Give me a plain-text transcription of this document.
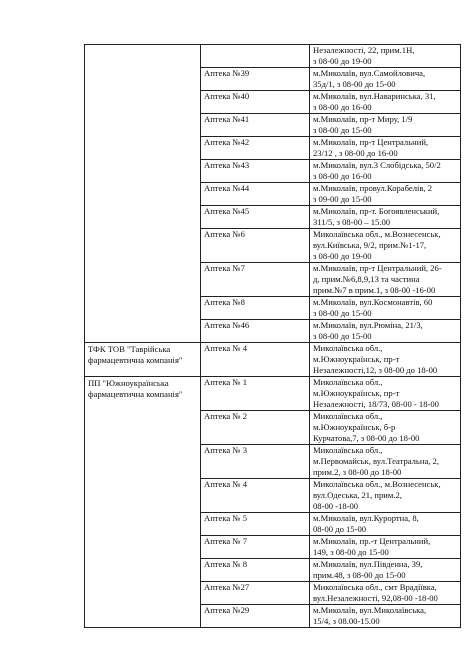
		Незалежності, 22, прим.1Н,
з 08-00 до 19-00
	Аптека №39	м.Миколаїв, вул.Самойловича,
35д/1, з 08-00 до 15-00
	Аптека №40	м.Миколаїв, вул.Наваринська, 31,
з 08-00 до 16-00
	Аптека №41	м.Миколаїв, пр-т Миру, 1/9
з 08-00 до 15-00
	Аптека №42	м.Миколаїв, пр-т Центральний,
23/12 , з 08-00 до 16-00
	Аптека №43	м.Миколаїв, вул.3 Слобідська, 50/2
з 08-00 до 16-00
	Аптека №44	м.Миколаїв, провул.Корабелів, 2
з 09-00 до 15-00
	Аптека №45	м.Миколаїв, пр-т. Богоявленський,
311/5, з 08-00 – 15.00
	Аптека №6	Миколаївська обл., м.Вознесенськ,
вул.Київська, 9/2, прим.№1-17,
з 08-00 до 19-00
	Аптека №7	м.Миколаїв, пр-т Центральний, 26-
д, прим.№6,8,9,13 та частина
прим.№7 в прим.1, з 08-00 -16-00
	Аптека №8	м.Миколаїв, вул.Космонавтів, 60
з 08-00 до 15-00
	Аптека №46	м.Миколаїв, вул.Рюміна, 21/3,
з 08-00 до 15-00
ТФК ТОВ "Таврійська
фармацевтична компанія"	Аптека № 4	Миколаївська обл.,
м.Южноукраїнськ, пр-т
Незалежності,12, з 08-00 до 18-00
ПП "Южноукраїнська
фармацевтична компанія"	Аптека № 1	Миколаївська обл.,
м.Южноукраїнськ, пр-т
Незалежності, 18/73, 08-00 - 18-00
	Аптека № 2	Миколаївська обл.,
м.Южноукраїнськ, б-р
Курчатова,7, з 08-00 до 18-00
	Аптека № 3	Миколаївська обл.,
м.Первомайськ, вул.Театральна, 2,
прим.2, з 08-00 до 18-00
	Аптека № 4	Миколаївська обл., м.Вознесенськ,
вул.Одеська, 21, прим.2,
08-00 -18-00
	Аптека № 5	м.Миколаїв, вул.Курортна, 8,
08-00 до 15-00
	Аптека № 7	м.Миколаїв, пр.-т Центральний,
149, з 08-00 до 15-00
	Аптека № 8	м.Миколаїв, вул.Південна, 39,
прим.48, з 08-00 до 15-00
	Аптека №27	Миколаївська обл., смт Врадіївка,
вул.Незалежності, 92,08-00 -18-00
	Аптека №29	м.Миколаїв, вул.Миколаївська,
15/4, з 08.00-15.00
